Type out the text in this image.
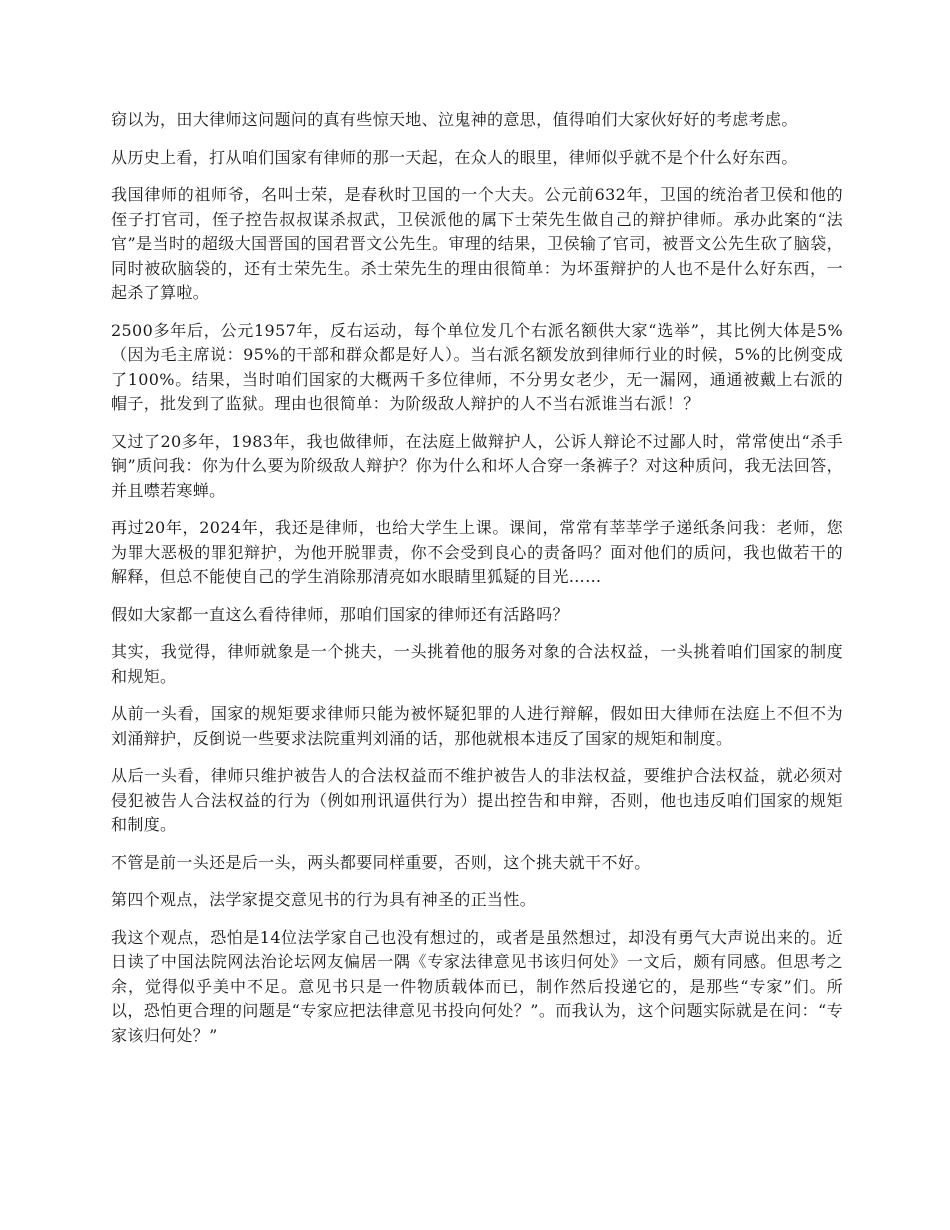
窃以为，田大律师这问题问的真有些惊天地、泣鬼神的意思，值得咱们大家伙好好的考虑考虑。

从历史上看，打从咱们国家有律师的那一天起，在众人的眼里，律师似乎就不是个什么好东西。

我国律师的祖师爷，名叫士荣，是春秋时卫国的一个大夫。公元前632年，卫国的统治者卫侯和他的侄子打官司，侄子控告叔叔谋杀叔武，卫侯派他的属下士荣先生做自己的辩护律师。承办此案的“法官”是当时的超级大国晋国的国君晋文公先生。审理的结果，卫侯输了官司，被晋文公先生砍了脑袋，同时被砍脑袋的，还有士荣先生。杀士荣先生的理由很简单：为坏蛋辩护的人也不是什么好东西，一起杀了算啦。

2500多年后，公元1957年，反右运动，每个单位发几个右派名额供大家“选举”，其比例大体是5%（因为毛主席说：95%的干部和群众都是好人）。当右派名额发放到律师行业的时候，5%的比例变成了100%。结果，当时咱们国家的大概两千多位律师，不分男女老少，无一漏网，通通被戴上右派的帽子，批发到了监狱。理由也很简单：为阶级敌人辩护的人不当右派谁当右派！？

又过了20多年，1983年，我也做律师，在法庭上做辩护人，公诉人辩论不过鄙人时，常常使出“杀手锏”质问我：你为什么要为阶级敌人辩护？你为什么和坏人合穿一条裤子？对这种质问，我无法回答，并且噤若寒蝉。

再过20年，2024年，我还是律师，也给大学生上课。课间，常常有莘莘学子递纸条问我：老师，您为罪大恶极的罪犯辩护，为他开脱罪责，你不会受到良心的责备吗？面对他们的质问，我也做若干的解释，但总不能使自己的学生消除那清亮如水眼睛里狐疑的目光……

假如大家都一直这么看待律师，那咱们国家的律师还有活路吗？

其实，我觉得，律师就象是一个挑夫，一头挑着他的服务对象的合法权益，一头挑着咱们国家的制度和规矩。

从前一头看，国家的规矩要求律师只能为被怀疑犯罪的人进行辩解，假如田大律师在法庭上不但不为刘涌辩护，反倒说一些要求法院重判刘涌的话，那他就根本违反了国家的规矩和制度。

从后一头看，律师只维护被告人的合法权益而不维护被告人的非法权益，要维护合法权益，就必须对侵犯被告人合法权益的行为（例如刑讯逼供行为）提出控告和申辩，否则，他也违反咱们国家的规矩和制度。

不管是前一头还是后一头，两头都要同样重要，否则，这个挑夫就干不好。

第四个观点，法学家提交意见书的行为具有神圣的正当性。

我这个观点，恐怕是14位法学家自己也没有想过的，或者是虽然想过，却没有勇气大声说出来的。近日读了中国法院网法治论坛网友偏居一隅《专家法律意见书该归何处》一文后，颇有同感。但思考之余，觉得似乎美中不足。意见书只是一件物质载体而已，制作然后投递它的，是那些“专家”们。所以，恐怕更合理的问题是“专家应把法律意见书投向何处？”。而我认为，这个问题实际就是在问：“专家该归何处？”
